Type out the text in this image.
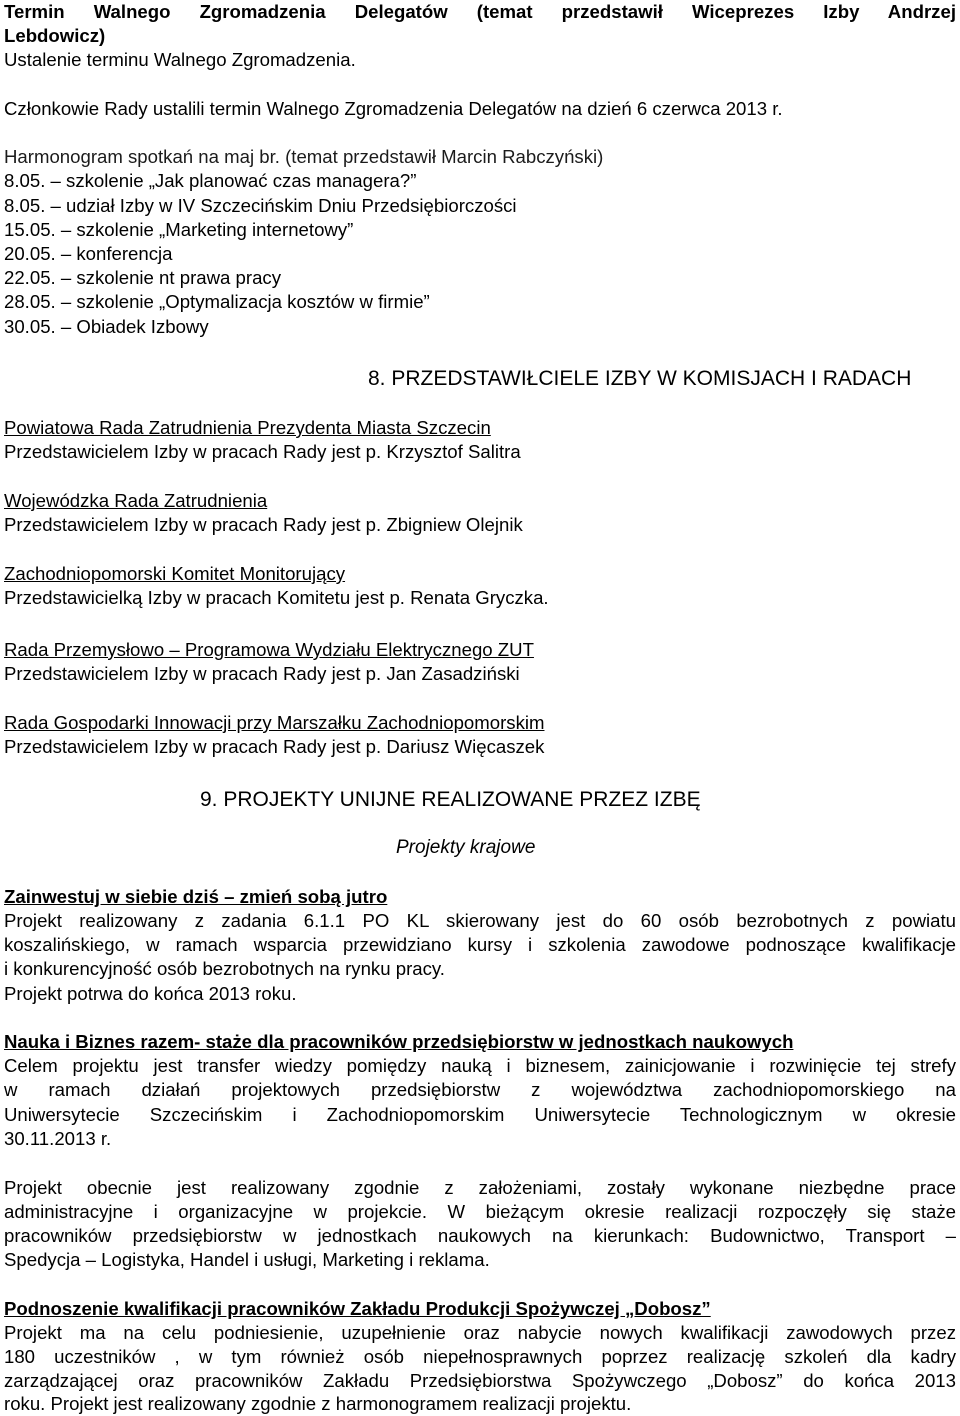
Termin Walnego Zgromadzenia Delegatów (temat przedstawił Wiceprezes Izby Andrzej
Lebdowicz)
Ustalenie terminu Walnego Zgromadzenia.
Członkowie Rady ustalili termin Walnego Zgromadzenia Delegatów na dzień 6 czerwca 2013 r.
Harmonogram spotkań na maj br. (temat przedstawił Marcin Rabczyński)
8.05. – szkolenie „Jak planować czas managera?”
8.05. – udział Izby w IV Szczecińskim Dniu Przedsiębiorczości
15.05. – szkolenie „Marketing internetowy”
20.05. – konferencja
22.05. – szkolenie nt prawa pracy
28.05. – szkolenie „Optymalizacja kosztów w firmie”
30.05. – Obiadek Izbowy
8. PRZEDSTAWIŁCIELE IZBY W KOMISJACH I RADACH
Powiatowa Rada Zatrudnienia Prezydenta Miasta Szczecin
Przedstawicielem Izby w pracach Rady jest p. Krzysztof Salitra
Wojewódzka Rada Zatrudnienia
Przedstawicielem Izby w pracach Rady jest p. Zbigniew Olejnik
Zachodniopomorski Komitet Monitorujący
Przedstawicielką Izby w pracach Komitetu jest p. Renata Gryczka.
Rada Przemysłowo – Programowa Wydziału Elektrycznego ZUT
Przedstawicielem Izby w pracach Rady jest p. Jan Zasadziński
Rada Gospodarki Innowacji przy Marszałku Zachodniopomorskim
Przedstawicielem Izby w pracach Rady jest p. Dariusz Więcaszek
9. PROJEKTY UNIJNE REALIZOWANE PRZEZ IZBĘ
Projekty krajowe
Zainwestuj w siebie dziś – zmień sobą jutro
Projekt realizowany z zadania 6.1.1 PO KL skierowany jest do 60 osób bezrobotnych z powiatu
koszalińskiego, w ramach wsparcia przewidziano kursy i szkolenia zawodowe podnoszące kwalifikacje
i konkurencyjność osób bezrobotnych na rynku pracy.
Projekt potrwa do końca 2013 roku.
Nauka i Biznes razem- staże dla pracowników przedsiębiorstw w jednostkach naukowych
Celem projektu jest transfer wiedzy pomiędzy nauką i biznesem, zainicjowanie i rozwinięcie tej strefy
w ramach działań projektowych przedsiębiorstw z województwa zachodniopomorskiego na
Uniwersytecie Szczecińskim i Zachodniopomorskim Uniwersytecie Technologicznym w okresie
30.11.2013 r.
Projekt obecnie jest realizowany zgodnie z założeniami, zostały wykonane niezbędne prace
administracyjne i organizacyjne w projekcie. W bieżącym okresie realizacji rozpoczęły się staże
pracowników przedsiębiorstw w jednostkach naukowych na kierunkach: Budownictwo, Transport –
Spedycja – Logistyka, Handel i usługi, Marketing i reklama.
Podnoszenie kwalifikacji pracowników Zakładu Produkcji Spożywczej „Dobosz”
Projekt ma na celu podniesienie, uzupełnienie oraz nabycie nowych kwalifikacji zawodowych przez
180 uczestników , w tym również osób niepełnosprawnych poprzez realizację szkoleń dla kadry
zarządzającej oraz pracowników Zakładu Przedsiębiorstwa Spożywczego „Dobosz” do końca 2013
roku. Projekt jest realizowany zgodnie z harmonogramem realizacji projektu.
